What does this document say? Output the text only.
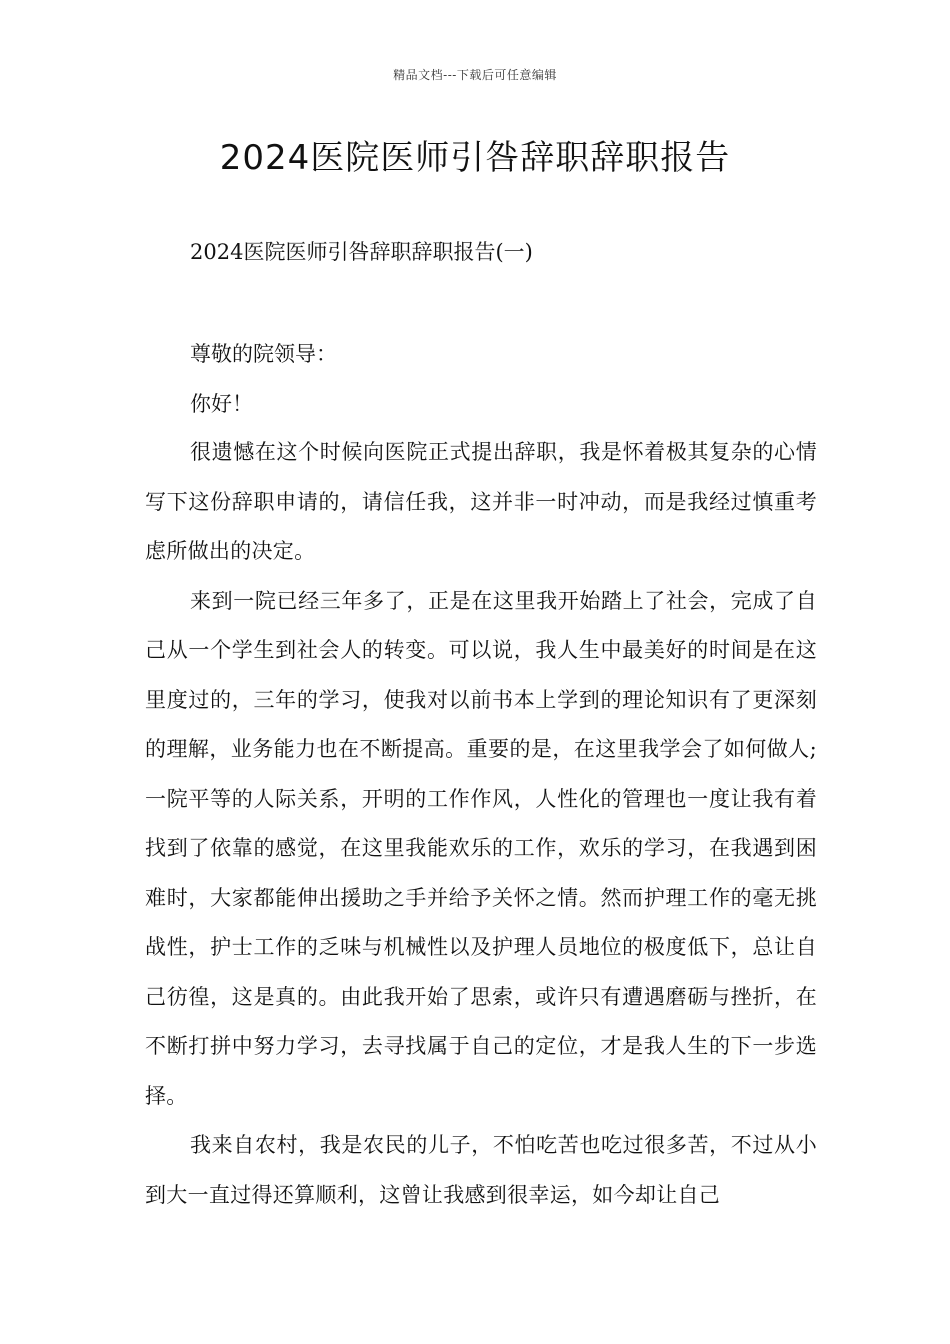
精品文档---下载后可任意编辑
2024医院医师引咎辞职辞职报告

2024医院医师引咎辞职辞职报告(一)

尊敬的院领导：

你好！

很遗憾在这个时候向医院正式提出辞职，我是怀着极其复杂的心情写下这份辞职申请的，请信任我，这并非一时冲动，而是我经过慎重考虑所做出的决定。

来到一院已经三年多了，正是在这里我开始踏上了社会，完成了自己从一个学生到社会人的转变。可以说，我人生中最美好的时间是在这里度过的，三年的学习，使我对以前书本上学到的理论知识有了更深刻的理解，业务能力也在不断提高。重要的是，在这里我学会了如何做人;一院平等的人际关系，开明的工作作风，人性化的管理也一度让我有着找到了依靠的感觉，在这里我能欢乐的工作，欢乐的学习，在我遇到困难时，大家都能伸出援助之手并给予关怀之情。然而护理工作的毫无挑战性，护士工作的乏味与机械性以及护理人员地位的极度低下，总让自己彷徨，这是真的。由此我开始了思索，或许只有遭遇磨砺与挫折，在不断打拼中努力学习，去寻找属于自己的定位，才是我人生的下一步选择。

我来自农村，我是农民的儿子，不怕吃苦也吃过很多苦，不过从小到大一直过得还算顺利，这曾让我感到很幸运，如今却让自己
